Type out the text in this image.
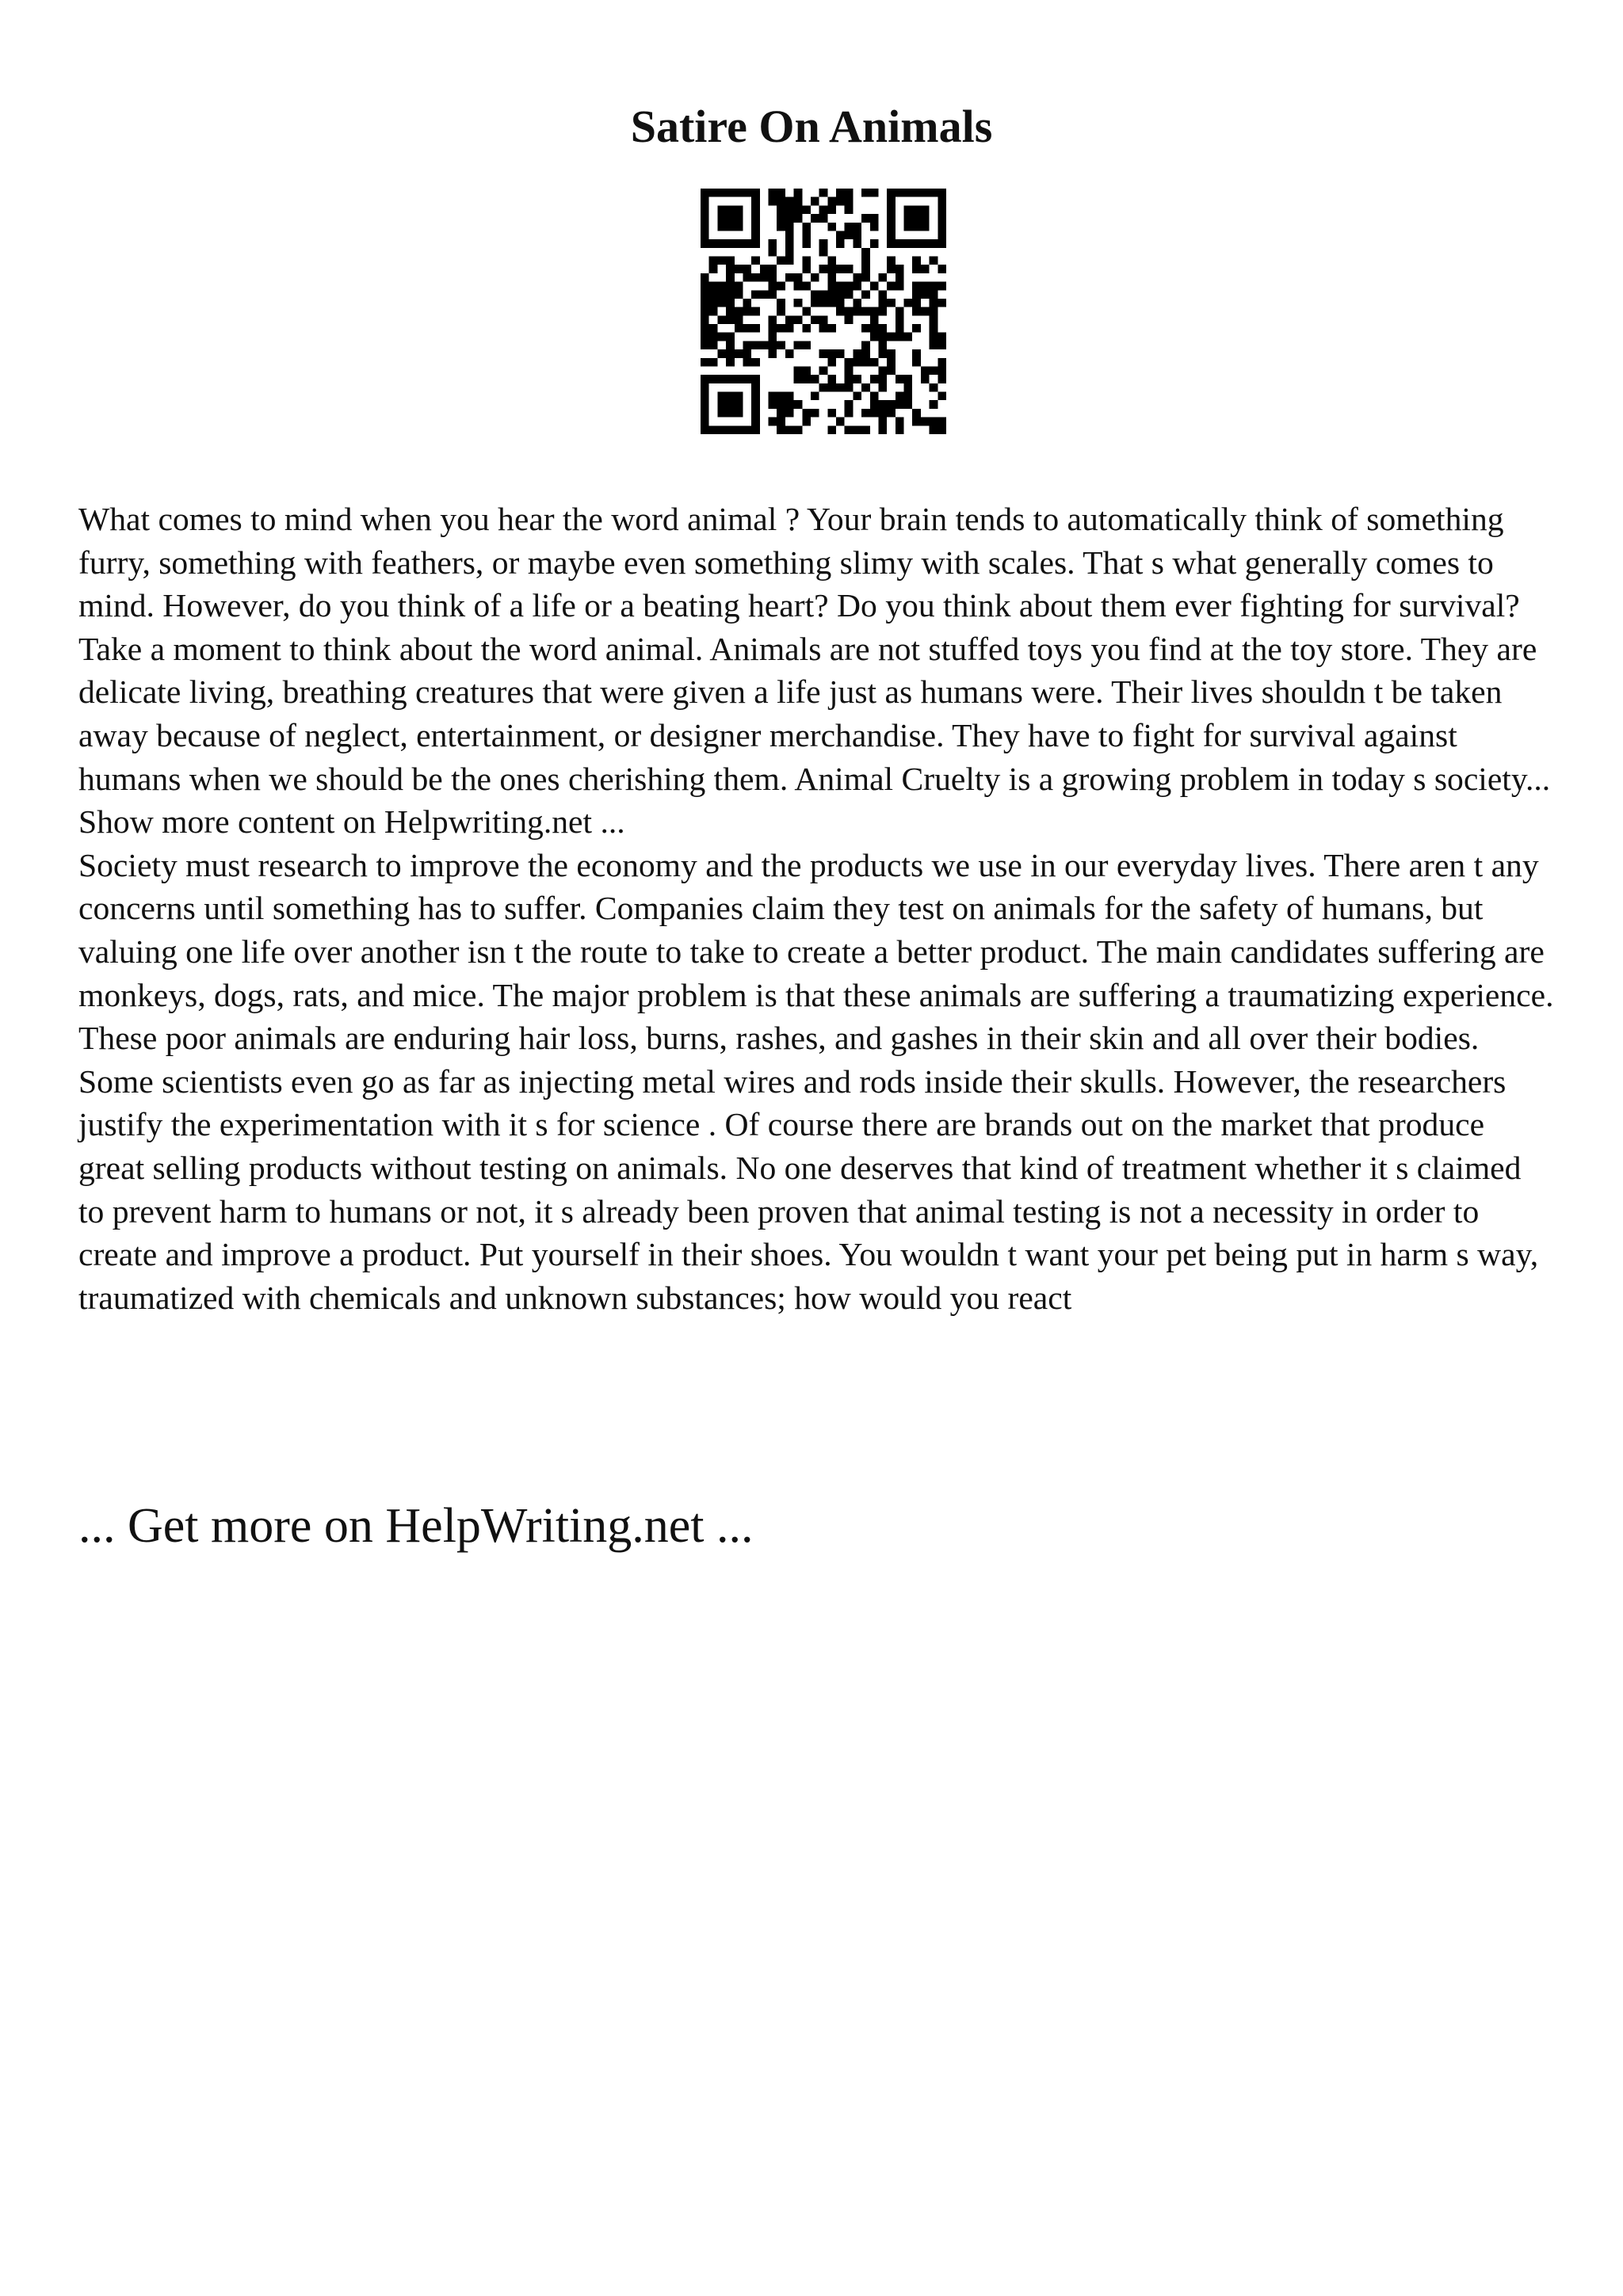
Satire On Animals

What comes to mind when you hear the word animal ? Your brain tends to automatically think of something furry, something with feathers, or maybe even something slimy with scales. That s what generally comes to mind. However, do you think of a life or a beating heart? Do you think about them ever fighting for survival? Take a moment to think about the word animal. Animals are not stuffed toys you find at the toy store. They are delicate living, breathing creatures that were given a life just as humans were. Their lives shouldn t be taken away because of neglect, entertainment, or designer merchandise. They have to fight for survival against humans when we should be the ones cherishing them. Animal Cruelty is a growing problem in today s society... Show more content on Helpwriting.net ...

Society must research to improve the economy and the products we use in our everyday lives. There aren t any concerns until something has to suffer. Companies claim they test on animals for the safety of humans, but valuing one life over another isn t the route to take to create a better product. The main candidates suffering are monkeys, dogs, rats, and mice. The major problem is that these animals are suffering a traumatizing experience. These poor animals are enduring hair loss, burns, rashes, and gashes in their skin and all over their bodies. Some scientists even go as far as injecting metal wires and rods inside their skulls. However, the researchers justify the experimentation with it s for science . Of course there are brands out on the market that produce great selling products without testing on animals. No one deserves that kind of treatment whether it s claimed to prevent harm to humans or not, it s already been proven that animal testing is not a necessity in order to create and improve a product. Put yourself in their shoes. You wouldn t want your pet being put in harm s way, traumatized with chemicals and unknown substances; how would you react

... Get more on HelpWriting.net ...
